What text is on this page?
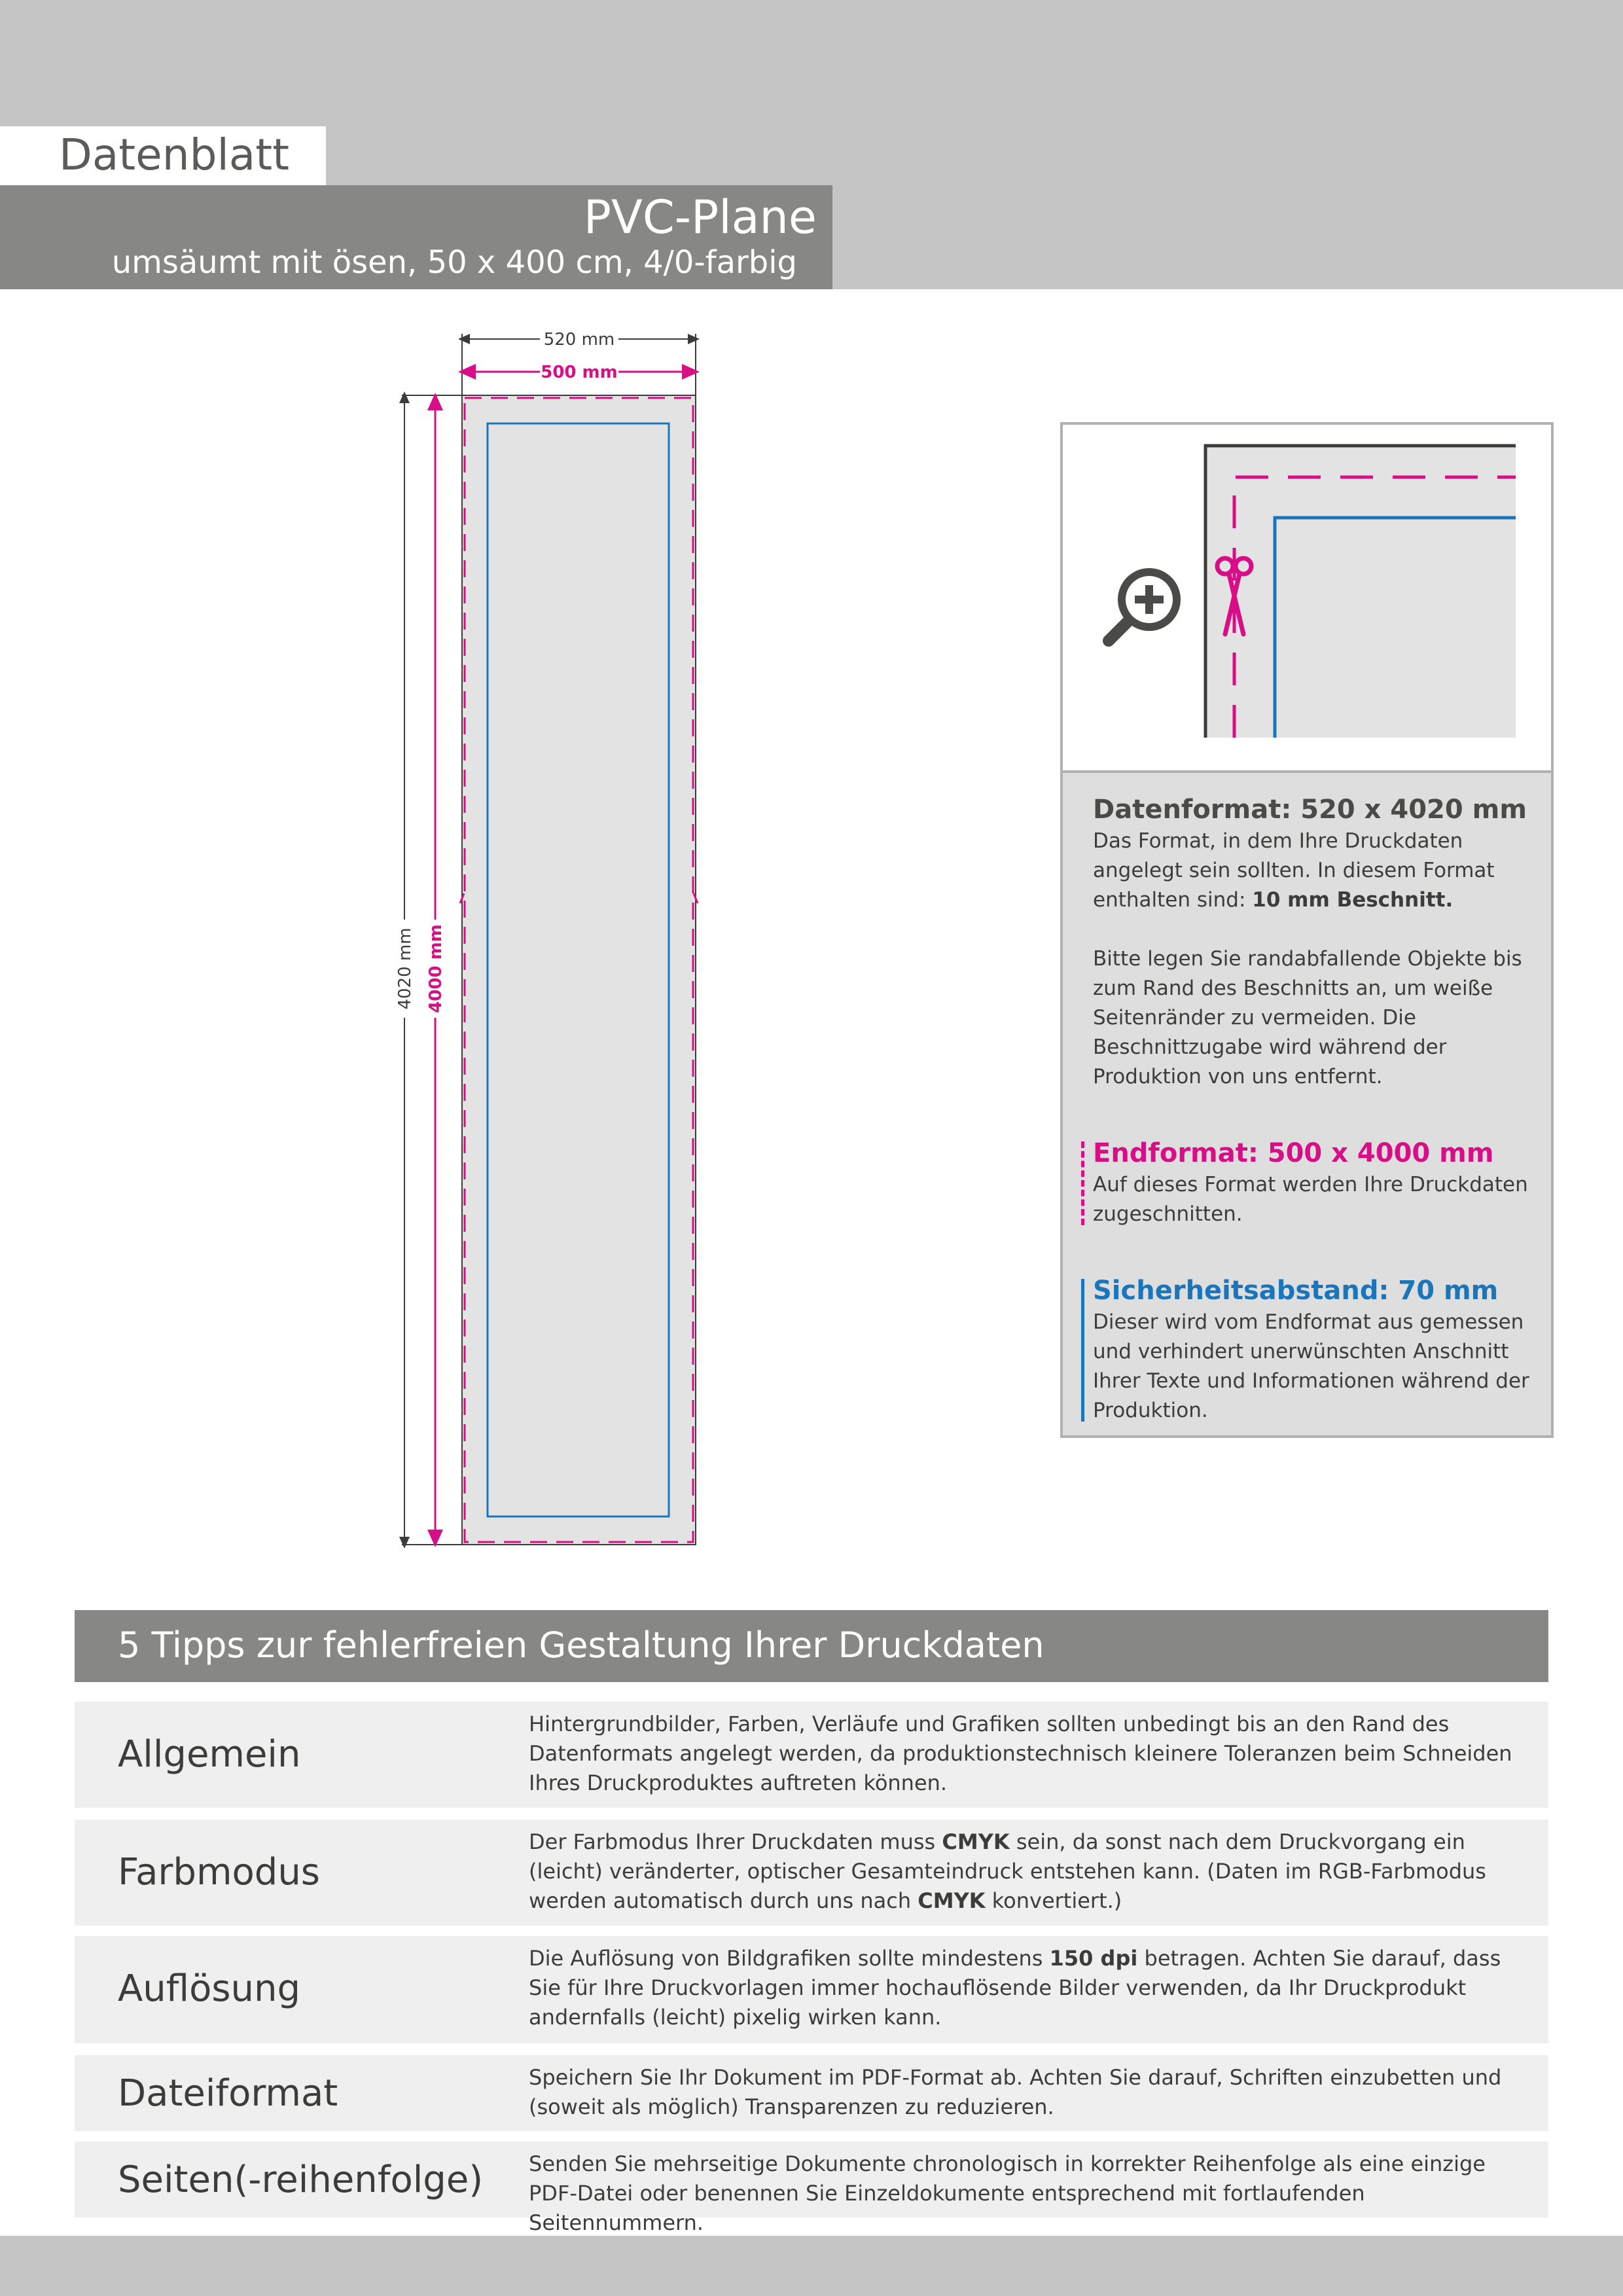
Datenblatt
PVC-Plane
umsäumt mit ösen, 50 x 400 cm, 4/0-farbig
520 mm
500 mm
4020 mm 4000 mm
Datenformat: 520 x 4020 mm
Das Format, in dem Ihre Druckdaten angelegt sein sollten. In diesem Format enthalten sind: 10 mm Beschnitt.
Bitte legen Sie randabfallende Objekte bis zum Rand des Beschnitts an, um weiße Seitenränder zu vermeiden. Die Beschnittzugabe wird während der Produktion von uns entfernt.
Endformat: 500 x 4000 mm
Auf dieses Format werden Ihre Druckdaten zugeschnitten.
Sicherheitsabstand: 70 mm
Dieser wird vom Endformat aus gemessen und verhindert unerwünschten Anschnitt Ihrer Texte und Informationen während der Produktion.
5 Tipps zur fehlerfreien Gestaltung Ihrer Druckdaten
Allgemein
Hintergrundbilder, Farben, Verläufe und Grafiken sollten unbedingt bis an den Rand des Datenformats angelegt werden, da produktionstechnisch kleinere Toleranzen beim Schneiden Ihres Druckproduktes auftreten können.
Farbmodus
Der Farbmodus Ihrer Druckdaten muss CMYK sein, da sonst nach dem Druckvorgang ein (leicht) veränderter, optischer Gesamteindruck entstehen kann. (Daten im RGB-Farbmodus werden automatisch durch uns nach CMYK konvertiert.)
Auflösung
Die Auflösung von Bildgrafiken sollte mindestens 150 dpi betragen. Achten Sie darauf, dass Sie für Ihre Druckvorlagen immer hochauflösende Bilder verwenden, da Ihr Druckprodukt andernfalls (leicht) pixelig wirken kann.
Dateiformat	Speichern Sie Ihr Dokument im PDF-Format ab. Achten Sie darauf, Schriften einzubetten und (soweit als möglich) Transparenzen zu reduzieren.
Seiten(-reihenfolge) Senden Sie mehrseitige Dokumente chronologisch in korrekter Reihenfolge als eine einzige PDF-Datei oder benennen Sie Einzeldokumente entsprechend mit fortlaufenden Seitennummern.
